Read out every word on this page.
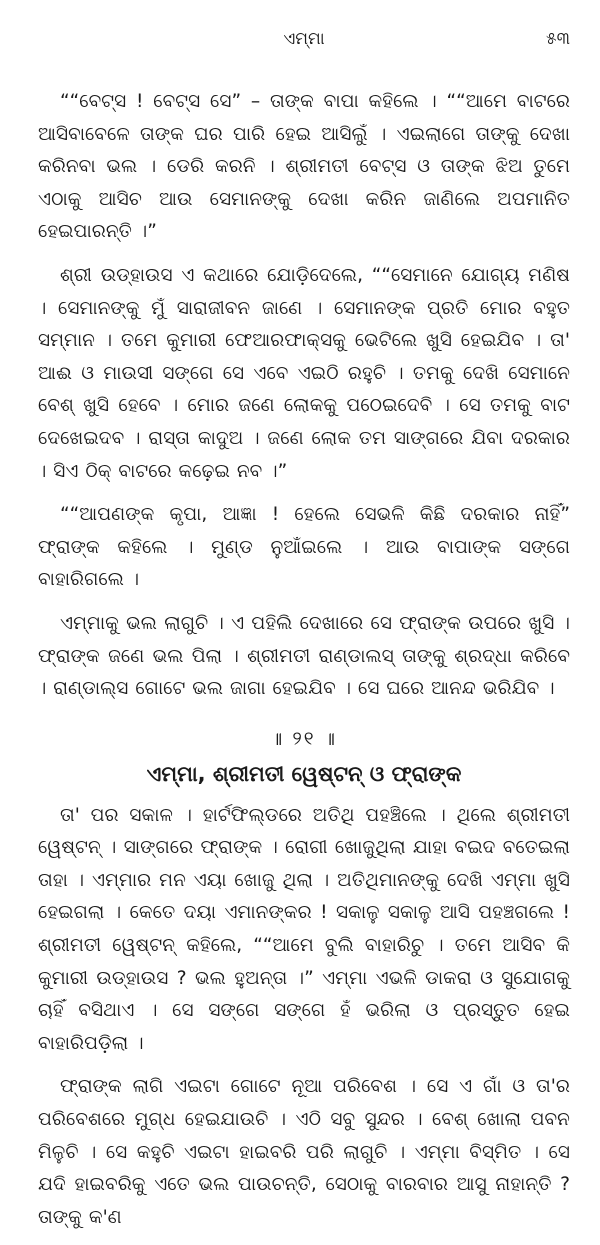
ଏମ୍ମା	୫୩

““ବେଟ୍ସ ! ବେଟ୍ସ ସେ” – ତାଙ୍କ ବାପା କହିଲେ । ““ଆମେ ବାଟରେ ଆସିବାବେଳେ ତାଙ୍କ ଘର ପାରି ହେଇ ଆସିଲୁଁ । ଏଇଲାଗେ ତାଙ୍କୁ ଦେଖା କରିନବା ଭଲ । ଡେରି କରନି । ଶ୍ରୀମତୀ ବେଟ୍ସ ଓ ତାଙ୍କ ଝିଅ ତୁମେ ଏଠାକୁ ଆସିଚ ଆଉ ସେମାନଙ୍କୁ ଦେଖା କରିନ ଜାଣିଲେ ଅପମାନିତ ହେଇପାରନ୍ତି ।”

ଶ୍ରୀ ଉଡ୍‌ହାଉସ ଏ କଥାରେ ଯୋଡ଼ିଦେଲେ, ““ସେମାନେ ଯୋଗ୍ୟ ମଣିଷ । ସେମାନଙ୍କୁ ମୁଁ ସାରାଜୀବନ ଜାଣେ । ସେମାନଙ୍କ ପ୍ରତି ମୋର ବହୁତ ସମ୍ମାନ । ତମେ କୁମାରୀ ଫେଆରଫାକ୍ସକୁ ଭେଟିଲେ ଖୁସି ହେଇଯିବ । ତା' ଆଈ ଓ ମାଉସୀ ସଙ୍ଗେ ସେ ଏବେ ଏଇଠି ରହୁଚି । ତମକୁ ଦେଖି ସେମାନେ ବେଶ୍ ଖୁସି ହେବେ । ମୋର ଜଣେ ଲୋକକୁ ପଠେଇଦେବି । ସେ ତମକୁ ବାଟ ଦେଖେଇଦବ । ରାସ୍ତା କାଦୁଅ । ଜଣେ ଲୋକ ତମ ସାଙ୍ଗରେ ଯିବା ଦରକାର । ସିଏ ଠିକ୍ ବାଟରେ କଢ଼େଇ ନବ ।”

““ଆପଣଙ୍କ କୃପା, ଆଜ୍ଞା ! ହେଲେ ସେଭଳି କିଛି ଦରକାର ନାହିଁ” ଫ୍ରାଙ୍କ କହିଲେ । ମୁଣ୍ଡ ନୁଆଁଇଲେ । ଆଉ ବାପାଙ୍କ ସଙ୍ଗେ ବାହାରିଗଲେ ।

ଏମ୍ମାକୁ ଭଲ ଲାଗୁଚି । ଏ ପହିଲି ଦେଖାରେ ସେ ଫ୍ରାଙ୍କ ଉପରେ ଖୁସି । ଫ୍ରାଙ୍କ ଜଣେ ଭଲ ପିଲା । ଶ୍ରୀମତୀ ରାଣ୍ଡାଲସ୍ ତାଙ୍କୁ ଶ୍ରଦ୍ଧା କରିବେ । ରାଣ୍ଡାଲ୍ସ ଗୋଟେ ଭଲ ଜାଗା ହେଇଯିବ । ସେ ଘରେ ଆନନ୍ଦ ଭରିଯିବ ।

॥ ୨୧ ॥
ଏମ୍ମା, ଶ୍ରୀମତୀ ୱେଷ୍ଟନ୍ ଓ ଫ୍ରାଙ୍କ

ତା' ପର ସକାଳ । ହାର୍ଟଫିଲ୍ଡରେ ଅତିଥି ପହଞ୍ଚିଲେ । ଥିଲେ ଶ୍ରୀମତୀ ୱେଷ୍ଟନ୍ । ସାଙ୍ଗରେ ଫ୍ରାଙ୍କ । ରୋଗୀ ଖୋଜୁଥିଲା ଯାହା ବଇଦ ବତେଇଲା ତାହା । ଏମ୍ମାର ମନ ଏୟା ଖୋଜୁ ଥିଲା । ଅତିଥିମାନଙ୍କୁ ଦେଖି ଏମ୍ମା ଖୁସି ହେଇଗଲା । କେତେ ଦୟା ଏମାନଙ୍କର ! ସକାଳୁ ସକାଳୁ ଆସି ପହଞ୍ଚଗଲେ ! ଶ୍ରୀମତୀ ୱେଷ୍ଟନ୍ କହିଲେ, ““ଆମେ ବୁଲି ବାହାରିଚୁ । ତମେ ଆସିବ କି କୁମାରୀ ଉଡ୍‌ହାଉସ ? ଭଲ ହୁଅନ୍ତା ।” ଏମ୍ମା ଏଭଳି ଡାକରା ଓ ସୁଯୋଗକୁ ଚାହିଁ ବସିଥାଏ । ସେ ସଙ୍ଗେ ସଙ୍ଗେ ହଁ ଭରିଲା ଓ ପ୍ରସ୍ତୁତ ହେଇ ବାହାରିପଡ଼ିଲା ।

ଫ୍ରାଙ୍କ ଲାଗି ଏଇଟା ଗୋଟେ ନୂଆ ପରିବେଶ । ସେ ଏ ଗାଁ ଓ ତା'ର ପରିବେଶରେ ମୁଗ୍ଧ ହେଇଯାଉଚି । ଏଠି ସବୁ ସୁନ୍ଦର । ବେଶ୍ ଖୋଲା ପବନ ମିଳୁଚି । ସେ କହୁଚି ଏଇଟା ହାଇବରି ପରି ଲାଗୁଚି । ଏମ୍ମା ବିସ୍ମିତ । ସେ ଯଦି ହାଇବରିକୁ ଏତେ ଭଲ ପାଉଚନ୍ତି, ସେଠାକୁ ବାରବାର ଆସୁ ନାହାନ୍ତି ? ତାଙ୍କୁ କ'ଣ
